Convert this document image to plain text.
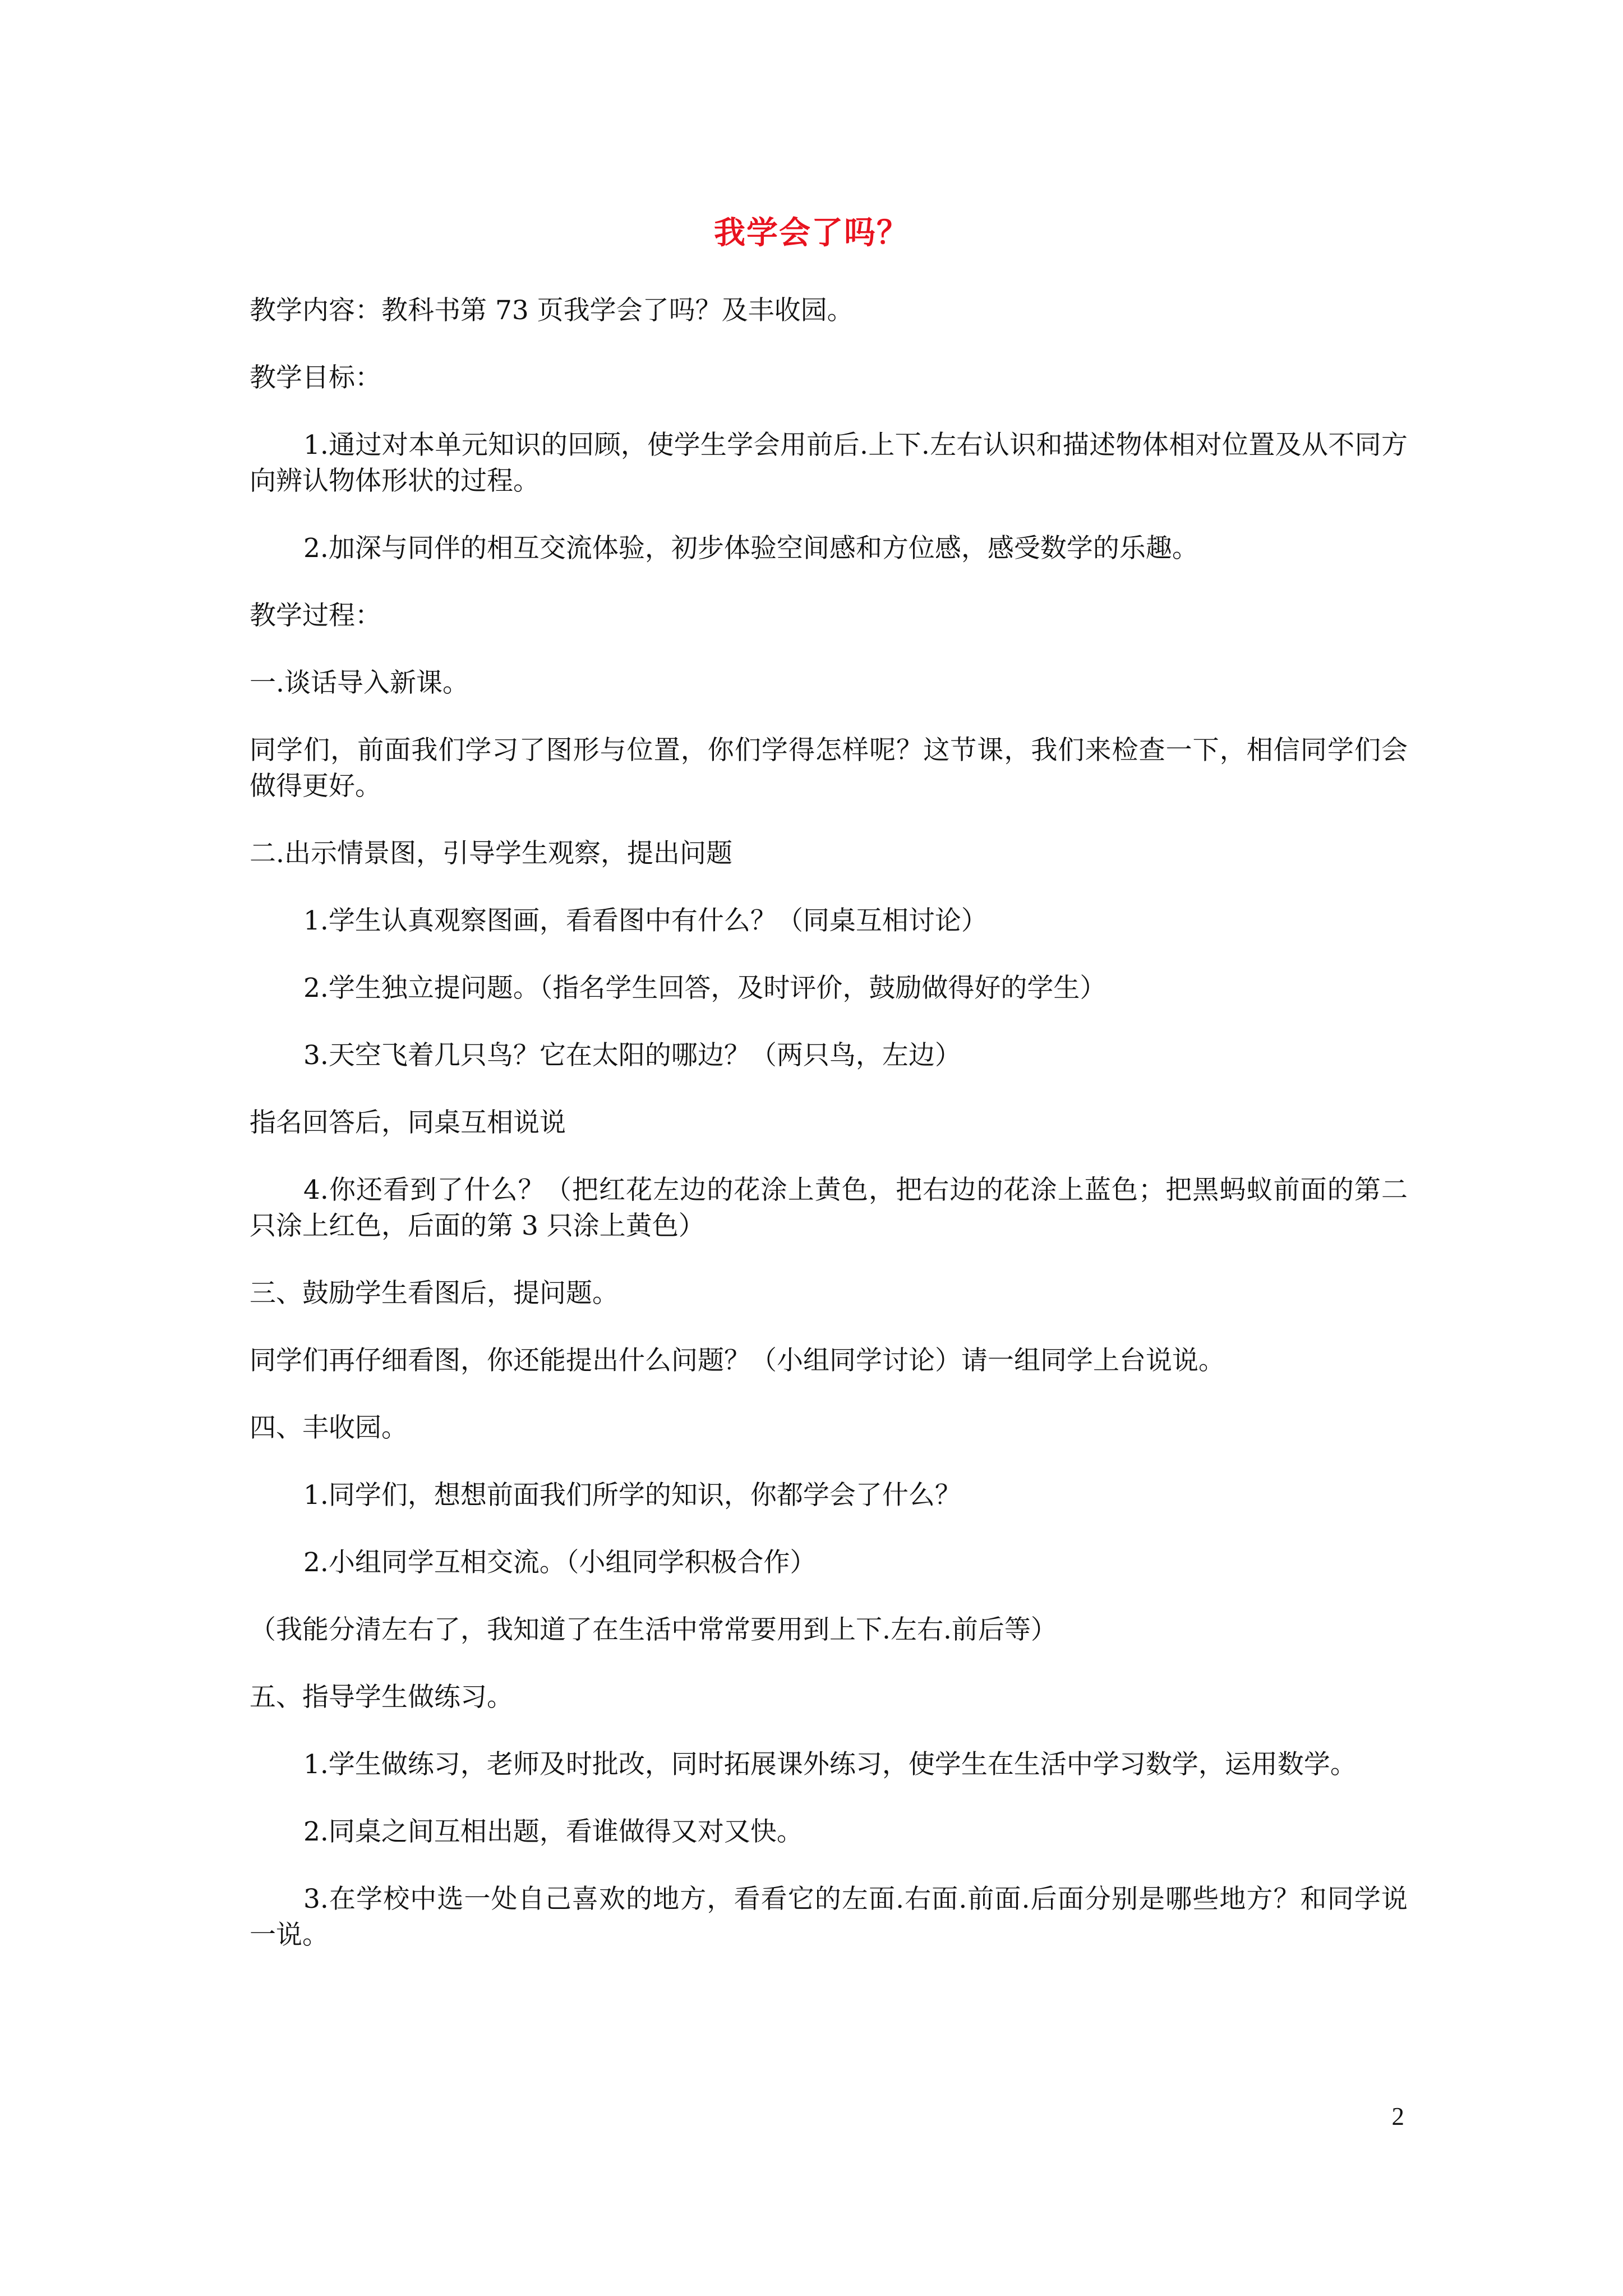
我学会了吗？

教学内容：教科书第 73 页我学会了吗？及丰收园。

教学目标：

1.通过对本单元知识的回顾，使学生学会用前后.上下.左右认识和描述物体相对位置及从不同方向辨认物体形状的过程。

2.加深与同伴的相互交流体验，初步体验空间感和方位感，感受数学的乐趣。

教学过程：

一.谈话导入新课。

同学们，前面我们学习了图形与位置，你们学得怎样呢？这节课，我们来检查一下，相信同学们会做得更好。

二.出示情景图，引导学生观察，提出问题

1.学生认真观察图画，看看图中有什么？（同桌互相讨论）

2.学生独立提问题。（指名学生回答，及时评价，鼓励做得好的学生）

3.天空飞着几只鸟？它在太阳的哪边？（两只鸟，左边）

指名回答后，同桌互相说说

4.你还看到了什么？（把红花左边的花涂上黄色，把右边的花涂上蓝色；把黑蚂蚁前面的第二只涂上红色，后面的第 3 只涂上黄色）

三、鼓励学生看图后，提问题。

同学们再仔细看图，你还能提出什么问题？（小组同学讨论）请一组同学上台说说。

四、丰收园。

1.同学们，想想前面我们所学的知识，你都学会了什么？

2.小组同学互相交流。（小组同学积极合作）

（我能分清左右了，我知道了在生活中常常要用到上下.左右.前后等）

五、指导学生做练习。

1.学生做练习，老师及时批改，同时拓展课外练习，使学生在生活中学习数学，运用数学。

2.同桌之间互相出题，看谁做得又对又快。

3.在学校中选一处自己喜欢的地方，看看它的左面.右面.前面.后面分别是哪些地方？和同学说一说。

2
